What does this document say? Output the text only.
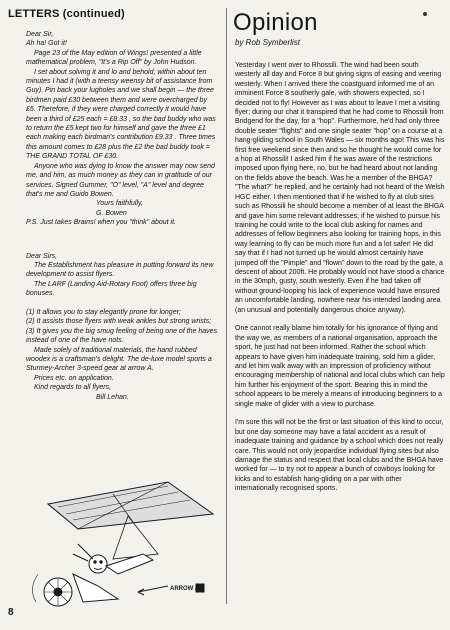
LETTERS (continued)

Dear Sir,

Ah ha! Got it!

Page 23 of the May edition of Wings! presented a little mathematical problem, "It's a Rip Off" by John Hudson.

I set about solving it and lo and behold, within about ten minutes I had it (with a teensy weensy bit of assistance from Guy). Pin back your lugholes and we shall begin — the three birdmen paid £30 between them and were overcharged by £5. Therefore, if they were charged correctly it would have been a third of £25 each = £8.33 , so the bad buddy who was to return the £5 kept two for himself and gave the three £1 each making each birdman's contribution £9.33 . Three times this amount comes to £28 plus the £2 the bad buddy took = THE GRAND TOTAL OF £30.

Anyone who was dying to know the answer may now send me, and him, as much money as they can in gratitude of our services. Signed Gummer, "O" level, "A" level and degree that's me and Guido Bowen.

Yours faithfully,

G. Bowen

P.S. Just takes Brains! when you "think" about it.

Dear Sirs,

The Establishment has pleasure in putting forward its new development to assist flyers.

The LARF (Landing Aid-Rotary Foot) offers three big bonuses.

(1) It allows you to stay elegantly prone for longer;

(2) It assists those flyers with weak ankles but strong wrists;

(3) It gives you the big smug feeling of being one of the haves instead of one of the have nots.

Made solely of traditional materials, the hand rubbed woodex is a craftsman's delight. The de-luxe model sports a Sturmey-Archer 3-speed gear at arrow A.

Prices etc. on application.

Kind regards to all flyers,

Bill Lehan.

ARROW A
Opinion

by Rob Symberlist

Yesterday I went over to Rhossili. The wind had been south westerly all day and Force 8 but giving signs of easing and veering westerly. When I arrived there the coastguard informed me of an imminent Force 8 southerly gale, with showers expected, so I decided not to fly! However as I was about to leave I met a visiting flyer; during our chat it transpired that he had come to Rhossili from Bridgend for the day, for a "hop". Furthermore, he'd had only three double seater "flights" and one single seater "hop" on a course at a hang-gliding school in South Wales — six months ago! This was his first free weekend since then and so he thought he would come for a hop at Rhossili! I asked him if he was aware of the restrictions imposed upon flying here, no, but he had heard about not landing on the fields above the beach. Was he a member of the BHGA? "The what?" he replied, and he certainly had not heard of the Welsh HGC either. I then mentioned that if he wished to fly at club sites such as Rhossili he should become a member of at least the BHGA and gave him some relevant addresses; if he wished to pursue his training he could write to the local club asking for names and addresses of fellow beginners also looking for training hops, in this way learning to fly can be much more fun and a lot safer! He did say that if I had not turned up he would almost certainly have jumped off the "Pimple" and "flown" down to the road by the gate, a descent of about 200ft. He probably would not have stood a chance in the 30mph, gusty, south westerly. Even if he had taken off without ground-looping his lack of experience would have ensured an uncomfortable landing, nowhere near his intended landing area (an unusual and potentially dangerous choice anyway).

One cannot really blame him totally for his ignorance of flying and the way we, as members of a national organisation, approach the sport, he just had not been informed. Rather the school which appears to have given him inadequate training, sold him a glider, and let him walk away with an impression of proficiency without encouraging membership of national and local clubs which can help him further his enjoyment of the sport. Bearing this in mind the school appears to be merely a means of introducing beginners to a single make of glider with a view to purchase.

I'm sure this will not be the first or last situation of this kind to occur, but one day someone may have a fatal accident as a result of inadequate training and guidance by a school which does not really care. This would not only jeopardise individual flying sites but also damage the status and respect that local clubs and the BHGA have worked for — to try not to appear a bunch of cowboys looking for kicks and to establish hang-gliding on a par with other internationally recognised sports.

8
